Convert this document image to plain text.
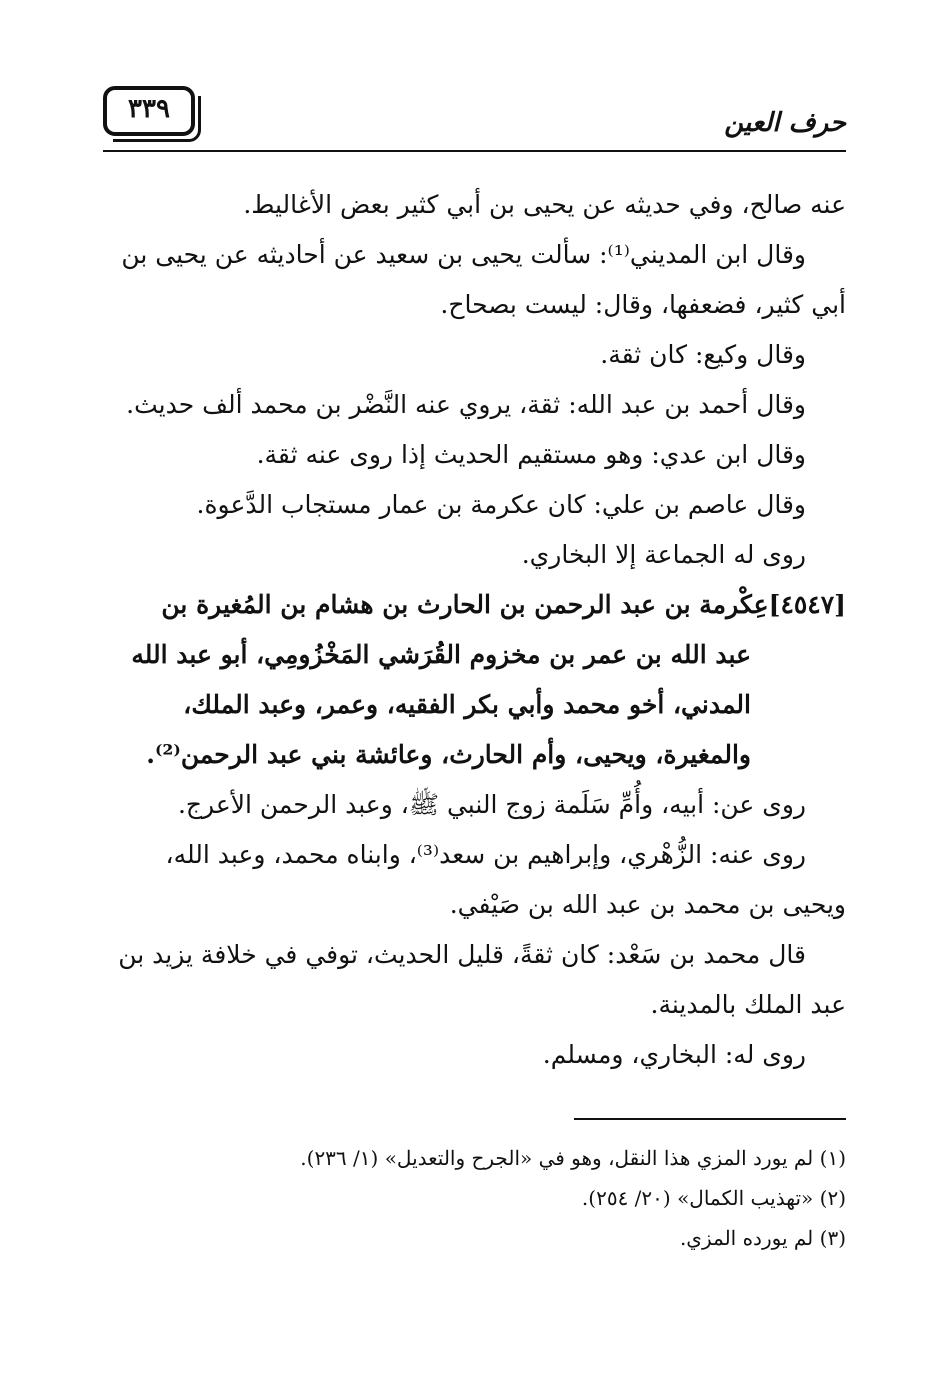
حرف العين
٣٣٩

عنه صالح، وفي حديثه عن يحيى بن أبي كثير بعض الأغاليط.

وقال ابن المديني⁽¹⁾: سألت يحيى بن سعيد عن أحاديثه عن يحيى بن

أبي كثير، فضعفها، وقال: ليست بصحاح.

وقال وكيع: كان ثقة.

وقال أحمد بن عبد الله: ثقة، يروي عنه النَّضْر بن محمد ألف حديث.

وقال ابن عدي: وهو مستقيم الحديث إذا روى عنه ثقة.

وقال عاصم بن علي: كان عكرمة بن عمار مستجاب الدَّعوة.

روى له الجماعة إلا البخاري.

[٤٥٤٧]عِكْرمة بن عبد الرحمن بن الحارث بن هشام بن المُغيرة بن

عبد الله بن عمر بن مخزوم القُرَشي المَخْزُومِي، أبو عبد الله

المدني، أخو محمد وأبي بكر الفقيه، وعمر، وعبد الملك،

والمغيرة، ويحيى، وأم الحارث، وعائشة بني عبد الرحمن⁽²⁾.

روى عن: أبيه، وأُمِّ سَلَمة زوج النبي ﷺ، وعبد الرحمن الأعرج.

روى عنه: الزُّهْري، وإبراهيم بن سعد⁽³⁾، وابناه محمد، وعبد الله،

ويحيى بن محمد بن عبد الله بن صَيْفي.

قال محمد بن سَعْد: كان ثقةً، قليل الحديث، توفي في خلافة يزيد بن

عبد الملك بالمدينة.

روى له: البخاري، ومسلم.

(١) لم يورد المزي هذا النقل، وهو في «الجرح والتعديل» (١/ ٢٣٦).

(٢) «تهذيب الكمال» (٢٠/ ٢٥٤).

(٣) لم يورده المزي.
